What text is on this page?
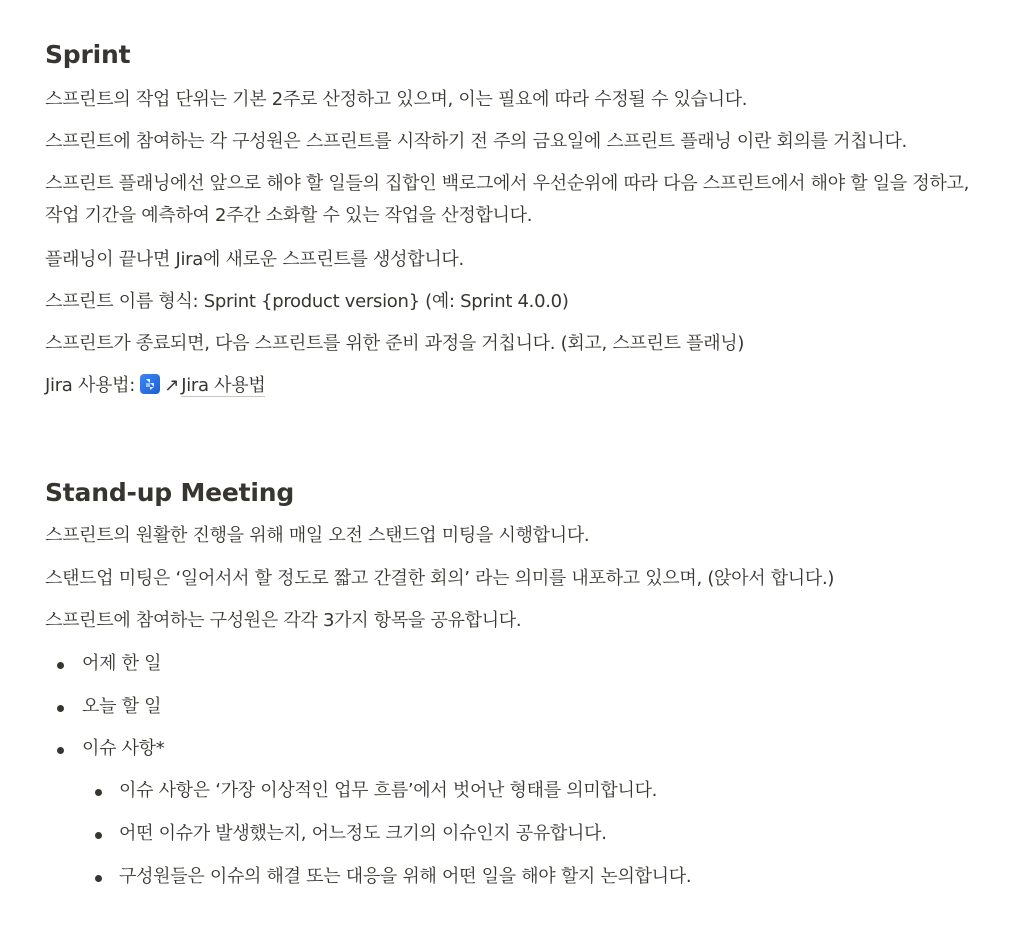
Sprint

스프린트의 작업 단위는 기본 2주로 산정하고 있으며, 이는 필요에 따라 수정될 수 있습니다.

스프린트에 참여하는 각 구성원은 스프린트를 시작하기 전 주의 금요일에 스프린트 플래닝 이란 회의를 거칩니다.

스프린트 플래닝에선 앞으로 해야 할 일들의 집합인 백로그에서 우선순위에 따라 다음 스프린트에서 해야 할 일을 정하고, 작업 기간을 예측하여 2주간 소화할 수 있는 작업을 산정합니다.

플래닝이 끝나면 Jira에 새로운 스프린트를 생성합니다.

스프린트 이름 형식: Sprint {product version} (예: Sprint 4.0.0)

스프린트가 종료되면, 다음 스프린트를 위한 준비 과정을 거칩니다. (회고, 스프린트 플래닝)

Jira 사용법: ↗ Jira 사용법

Stand-up Meeting

스프린트의 원활한 진행을 위해 매일 오전 스탠드업 미팅을 시행합니다.

스탠드업 미팅은 ‘일어서서 할 정도로 짧고 간결한 회의’ 라는 의미를 내포하고 있으며, (앉아서 합니다.)

스프린트에 참여하는 구성원은 각각 3가지 항목을 공유합니다.

어제 한 일
오늘 할 일
이슈 사항*
이슈 사항은 ‘가장 이상적인 업무 흐름’에서 벗어난 형태를 의미합니다.
어떤 이슈가 발생했는지, 어느정도 크기의 이슈인지 공유합니다.
구성원들은 이슈의 해결 또는 대응을 위해 어떤 일을 해야 할지 논의합니다.
